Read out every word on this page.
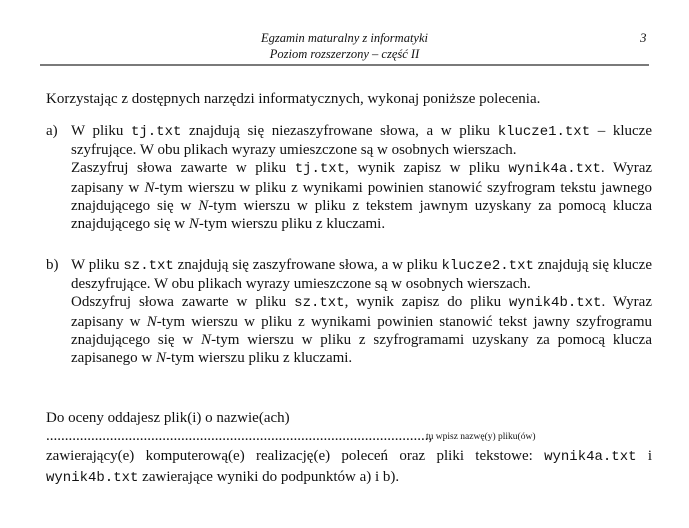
Egzamin maturalny z informatyki
Poziom rozszerzony – część II
3
Korzystając z dostępnych narzędzi informatycznych, wykonaj poniższe polecenia.
a) W pliku tj.txt znajdują się niezaszyfrowane słowa, a w pliku klucze1.txt – klucze szyfrujące. W obu plikach wyrazy umieszczone są w osobnych wierszach.
Zaszyfruj słowa zawarte w pliku tj.txt, wynik zapisz w pliku wynik4a.txt. Wyraz zapisany w N-tym wierszu w pliku z wynikami powinien stanowić szyfrogram tekstu jawnego znajdującego się w N-tym wierszu w pliku z tekstem jawnym uzyskany za pomocą klucza znajdującego się w N-tym wierszu pliku z kluczami.
b) W pliku sz.txt znajdują się zaszyfrowane słowa, a w pliku klucze2.txt znajdują się klucze deszyfrujące. W obu plikach wyrazy umieszczone są w osobnych wierszach.
Odszyfruj słowa zawarte w pliku sz.txt, wynik zapisz do pliku wynik4b.txt. Wyraz zapisany w N-tym wierszu w pliku z wynikami powinien stanowić tekst jawny szyfrogramu znajdującego się w N-tym wierszu w pliku z szyfrogramami uzyskany za pomocą klucza zapisanego w N-tym wierszu pliku z kluczami.
Do oceny oddajesz plik(i) o nazwie(ach) ......................................................................................................,
tu wpisz nazwę(y) pliku(ów)
zawierający(e) komputerową(e) realizację(e) poleceń oraz pliki tekstowe: wynik4a.txt i wynik4b.txt zawierające wyniki do podpunktów a) i b).
